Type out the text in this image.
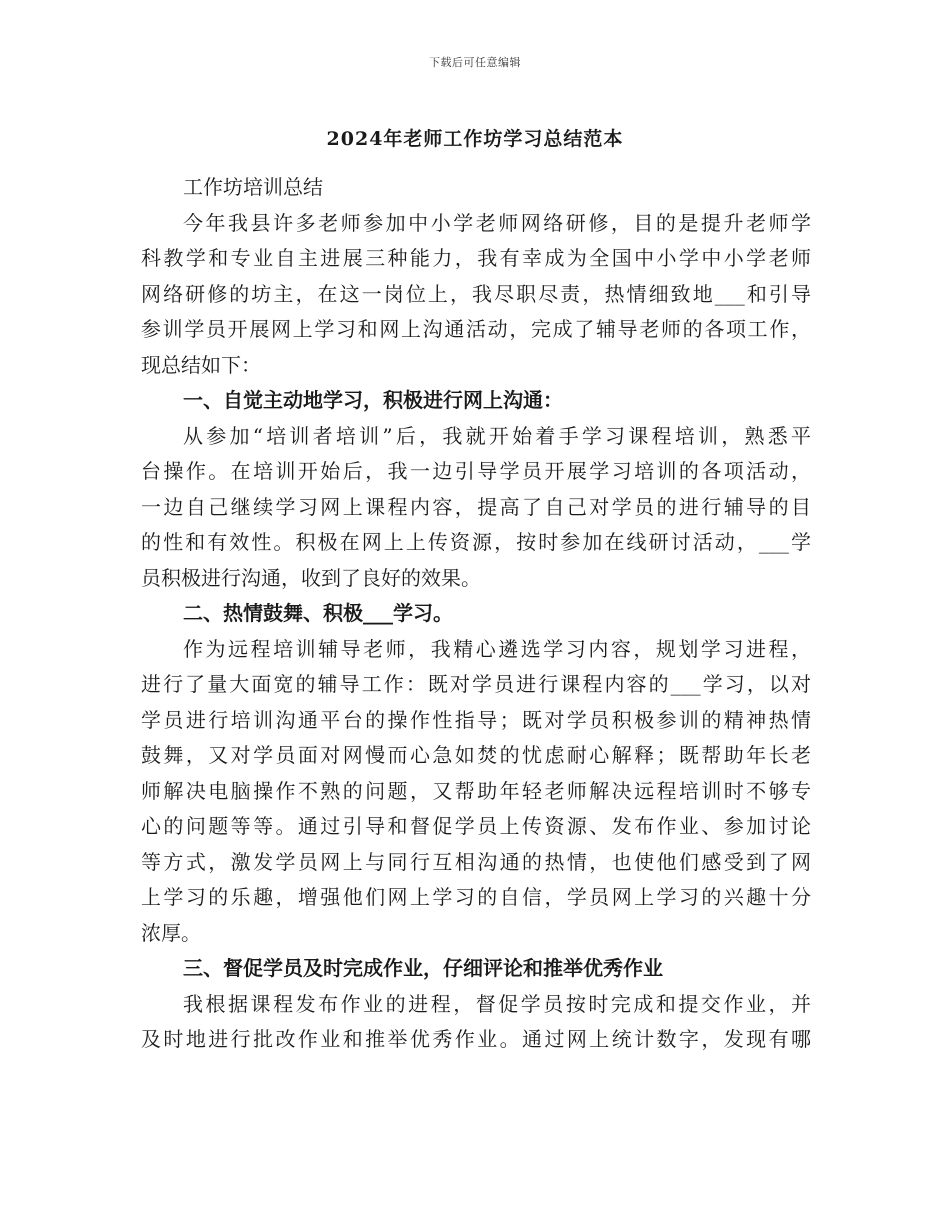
下载后可任意编辑
2024年老师工作坊学习总结范本
工作坊培训总结
今年我县许多老师参加中小学老师网络研修，目的是提升老师学
科教学和专业自主进展三种能力，我有幸成为全国中小学中小学老师
网络研修的坊主，在这一岗位上，我尽职尽责，热情细致地___和引导
参训学员开展网上学习和网上沟通活动，完成了辅导老师的各项工作，
现总结如下：
一、自觉主动地学习，积极进行网上沟通：
从参加“培训者培训”后，我就开始着手学习课程培训，熟悉平
台操作。在培训开始后，我一边引导学员开展学习培训的各项活动，
一边自己继续学习网上课程内容，提高了自己对学员的进行辅导的目
的性和有效性。积极在网上上传资源，按时参加在线研讨活动，___学
员积极进行沟通，收到了良好的效果。
二、热情鼓舞、积极___学习。
作为远程培训辅导老师，我精心遴选学习内容，规划学习进程，
进行了量大面宽的辅导工作：既对学员进行课程内容的___学习，以对
学员进行培训沟通平台的操作性指导；既对学员积极参训的精神热情
鼓舞，又对学员面对网慢而心急如焚的忧虑耐心解释；既帮助年长老
师解决电脑操作不熟的问题，又帮助年轻老师解决远程培训时不够专
心的问题等等。通过引导和督促学员上传资源、发布作业、参加讨论
等方式，激发学员网上与同行互相沟通的热情，也使他们感受到了网
上学习的乐趣，增强他们网上学习的自信，学员网上学习的兴趣十分
浓厚。
三、督促学员及时完成作业，仔细评论和推举优秀作业
我根据课程发布作业的进程，督促学员按时完成和提交作业，并
及时地进行批改作业和推举优秀作业。通过网上统计数字，发现有哪
